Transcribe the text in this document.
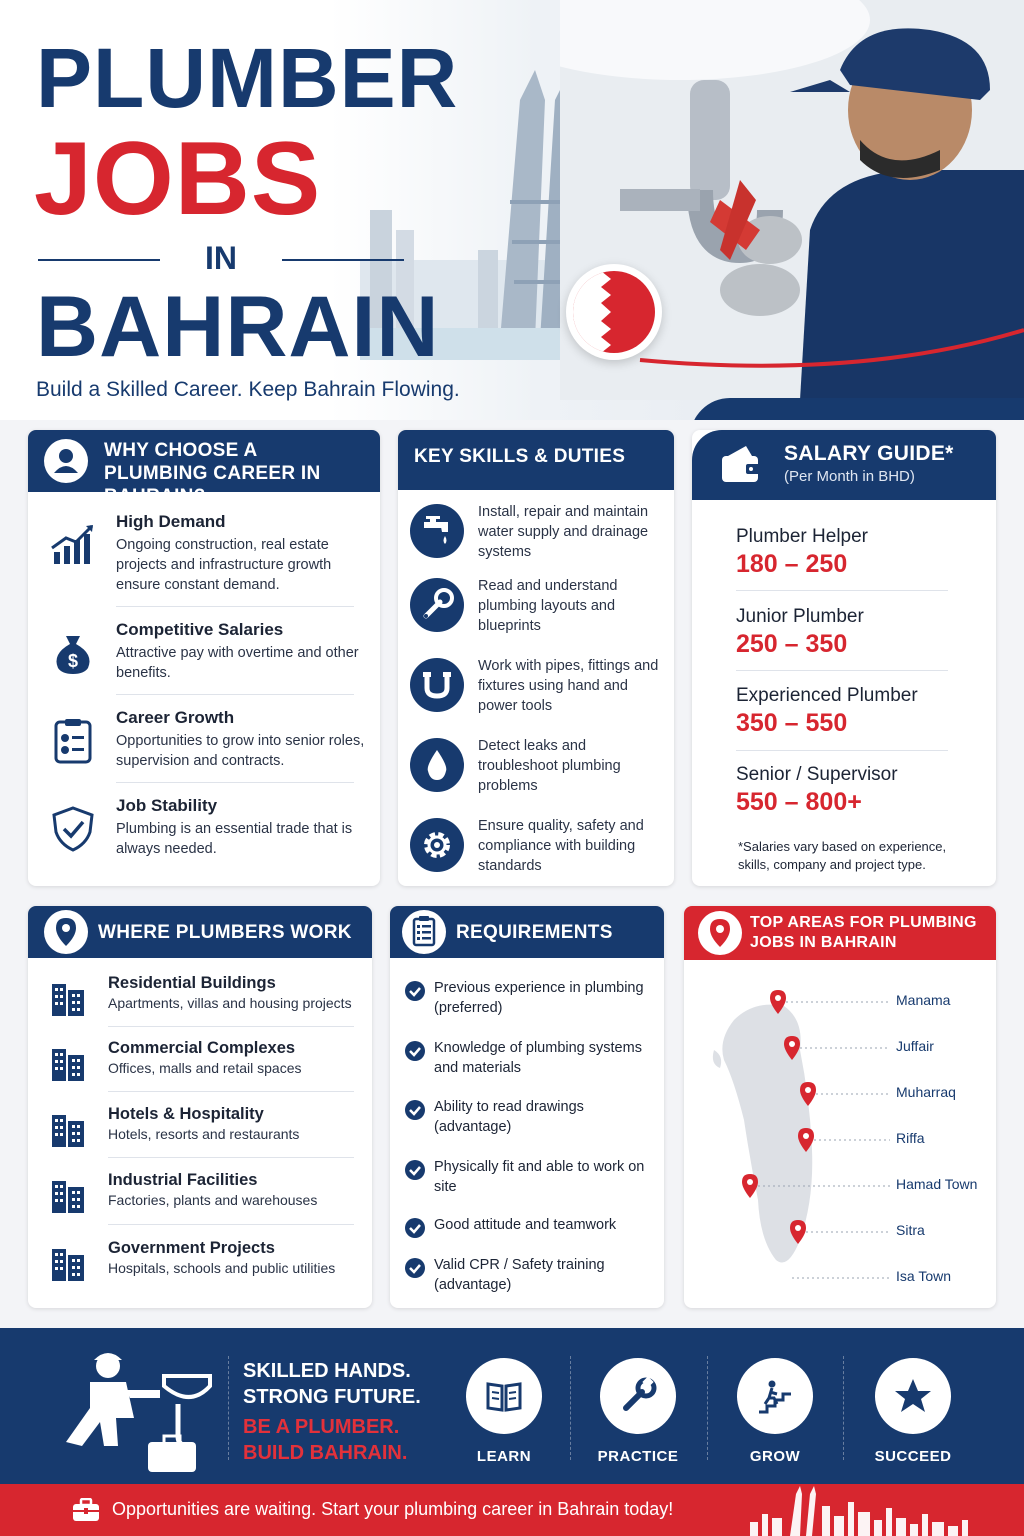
PLUMBER
JOBS
IN
BAHRAIN
Build a Skilled Career. Keep Bahrain Flowing.
WHY CHOOSE A PLUMBING CAREER IN BAHRAIN?
High Demand
Ongoing construction, real estate projects and infrastructure growth ensure constant demand.
$
Competitive Salaries
Attractive pay with overtime and other benefits.
Career Growth
Opportunities to grow into senior roles, supervision and contracts.
Job Stability
Plumbing is an essential trade that is always needed.
KEY SKILLS & DUTIES
Install, repair and maintain water supply and drainage systems
Read and understand plumbing layouts and blueprints
Work with pipes, fittings and fixtures using hand and power tools
Detect leaks and troubleshoot plumbing problems
Ensure quality, safety and compliance with building standards
SALARY GUIDE*
(Per Month in BHD)
Plumber Helper
180 – 250
Junior Plumber
250 – 350
Experienced Plumber
350 – 550
Senior / Supervisor
550 – 800+
*Salaries vary based on experience, skills, company and project type.
WHERE PLUMBERS WORK
Residential Buildings
Apartments, villas and housing projects
Commercial Complexes
Offices, malls and retail spaces
Hotels & Hospitality
Hotels, resorts and restaurants
Industrial Facilities
Factories, plants and warehouses
Government Projects
Hospitals, schools and public utilities
REQUIREMENTS
Previous experience in plumbing (preferred)
Knowledge of plumbing systems and materials
Ability to read drawings (advantage)
Physically fit and able to work on site
Good attitude and teamwork
Valid CPR / Safety training (advantage)
TOP AREAS FOR PLUMBING JOBS IN BAHRAIN
Manama
Juffair
Muharraq
Riffa
Hamad Town
Sitra
Isa Town
SKILLED HANDS. STRONG FUTURE.
BE A PLUMBER. BUILD BAHRAIN.	LEARN	PRACTICE	GROW	SUCCEED
Opportunities are waiting. Start your plumbing career in Bahrain today!
